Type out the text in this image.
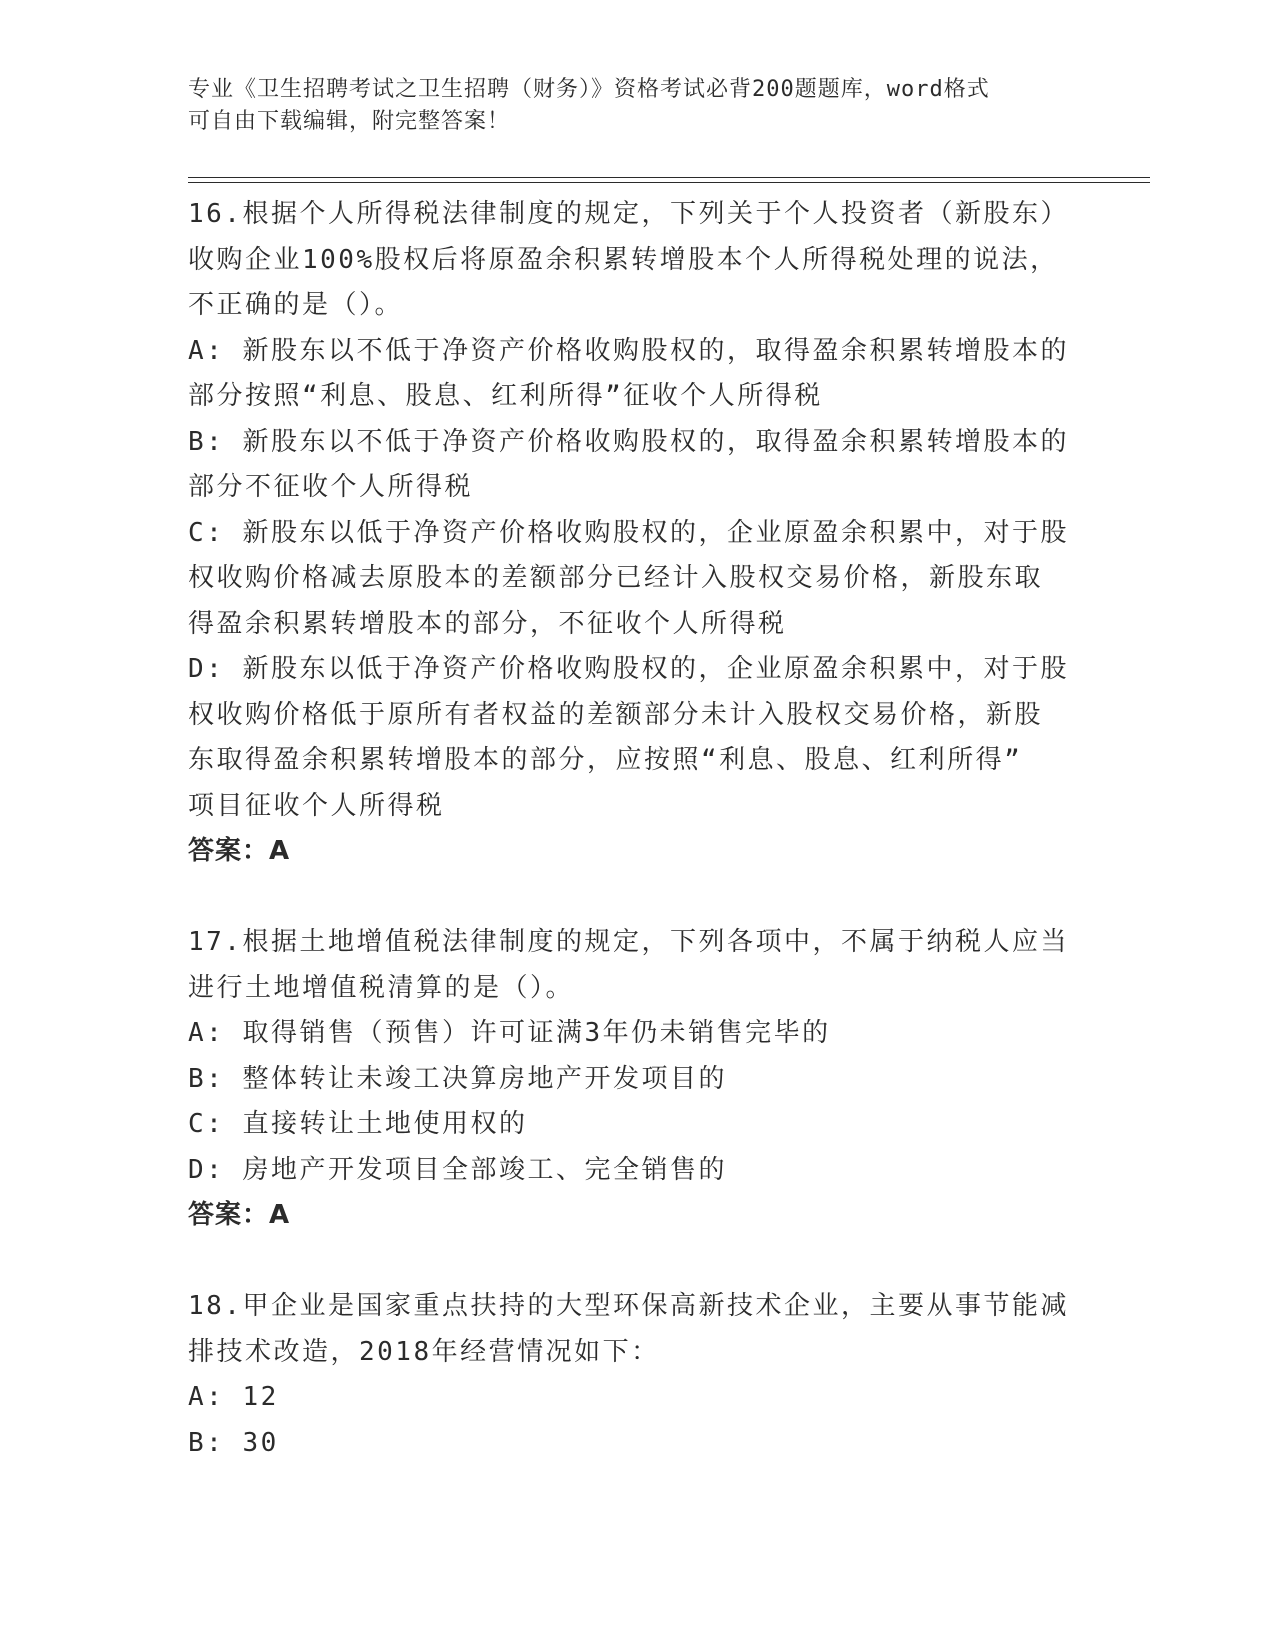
专业《卫生招聘考试之卫生招聘（财务）》资格考试必背200题题库，word格式
可自由下载编辑，附完整答案！
16.根据个人所得税法律制度的规定，下列关于个人投资者（新股东）
收购企业100%股权后将原盈余积累转增股本个人所得税处理的说法，
不正确的是（）。
A: 新股东以不低于净资产价格收购股权的，取得盈余积累转增股本的
部分按照“利息、股息、红利所得”征收个人所得税
B: 新股东以不低于净资产价格收购股权的，取得盈余积累转增股本的
部分不征收个人所得税
C: 新股东以低于净资产价格收购股权的，企业原盈余积累中，对于股
权收购价格减去原股本的差额部分已经计入股权交易价格，新股东取
得盈余积累转增股本的部分，不征收个人所得税
D: 新股东以低于净资产价格收购股权的，企业原盈余积累中，对于股
权收购价格低于原所有者权益的差额部分未计入股权交易价格，新股
东取得盈余积累转增股本的部分，应按照“利息、股息、红利所得”
项目征收个人所得税
答案：A
17.根据土地增值税法律制度的规定，下列各项中，不属于纳税人应当
进行土地增值税清算的是（）。
A: 取得销售（预售）许可证满3年仍未销售完毕的
B: 整体转让未竣工决算房地产开发项目的
C: 直接转让土地使用权的
D: 房地产开发项目全部竣工、完全销售的
答案：A
18.甲企业是国家重点扶持的大型环保高新技术企业，主要从事节能减
排技术改造，2018年经营情况如下：
A: 12
B: 30
